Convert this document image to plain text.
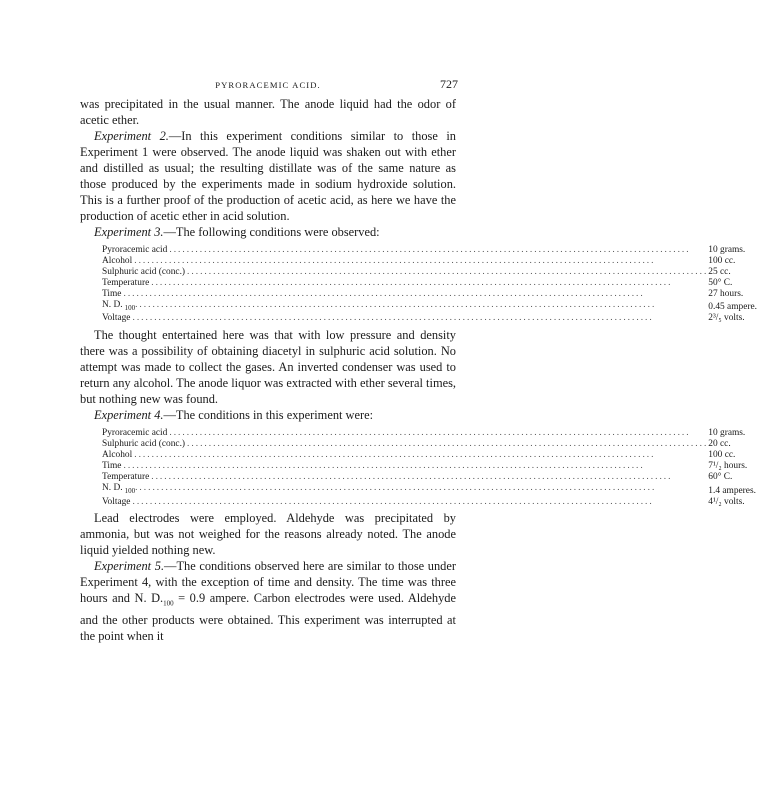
PYRORACEMIC ACID.	727

was precipitated in the usual manner. The anode liquid had the odor of acetic ether.

Experiment 2.—In this experiment conditions similar to those in Experiment 1 were observed. The anode liquid was shaken out with ether and distilled as usual; the resulting distillate was of the same nature as those produced by the experiments made in sodium hydroxide solution. This is a further proof of the production of acetic acid, as here we have the production of acetic ether in acid solution.

Experiment 3.—The following conditions were observed:

Pyroracemic acid ........................................................................................................................	10 grams.
Alcohol ........................................................................................................................	100 cc.
Sulphuric acid (conc.) ........................................................................................................................	25 cc.
Temperature ........................................................................................................................	50° C.
Time ........................................................................................................................	27 hours.
N. D. $_{100}$........................................................................................................................	0.45 ampere.
Voltage ........................................................................................................................	2³/₅ volts.

The thought entertained here was that with low pressure and density there was a possibility of obtaining diacetyl in sulphuric acid solution. No attempt was made to collect the gases. An inverted condenser was used to return any alcohol. The anode liquor was extracted with ether several times, but nothing new was found.

Experiment 4.—The conditions in this experiment were:

Pyroracemic acid ........................................................................................................................	10 grams.
Sulphuric acid (conc.) ........................................................................................................................	20 cc.
Alcohol ........................................................................................................................	100 cc.
Time ........................................................................................................................	7¹/₂ hours.
Temperature ........................................................................................................................	60° C.
N. D. $_{100}$........................................................................................................................	1.4 amperes.
Voltage ........................................................................................................................	4¹/₂ volts.

Lead electrodes were employed. Aldehyde was precipitated by ammonia, but was not weighed for the reasons already noted. The anode liquid yielded nothing new.

Experiment 5.—The conditions observed here are similar to those under Experiment 4, with the exception of time and density. The time was three hours and N. $D._{100} = 0.9$ ampere. Carbon electrodes were used. Aldehyde and the other products were obtained. This experiment was interrupted at the point when it
